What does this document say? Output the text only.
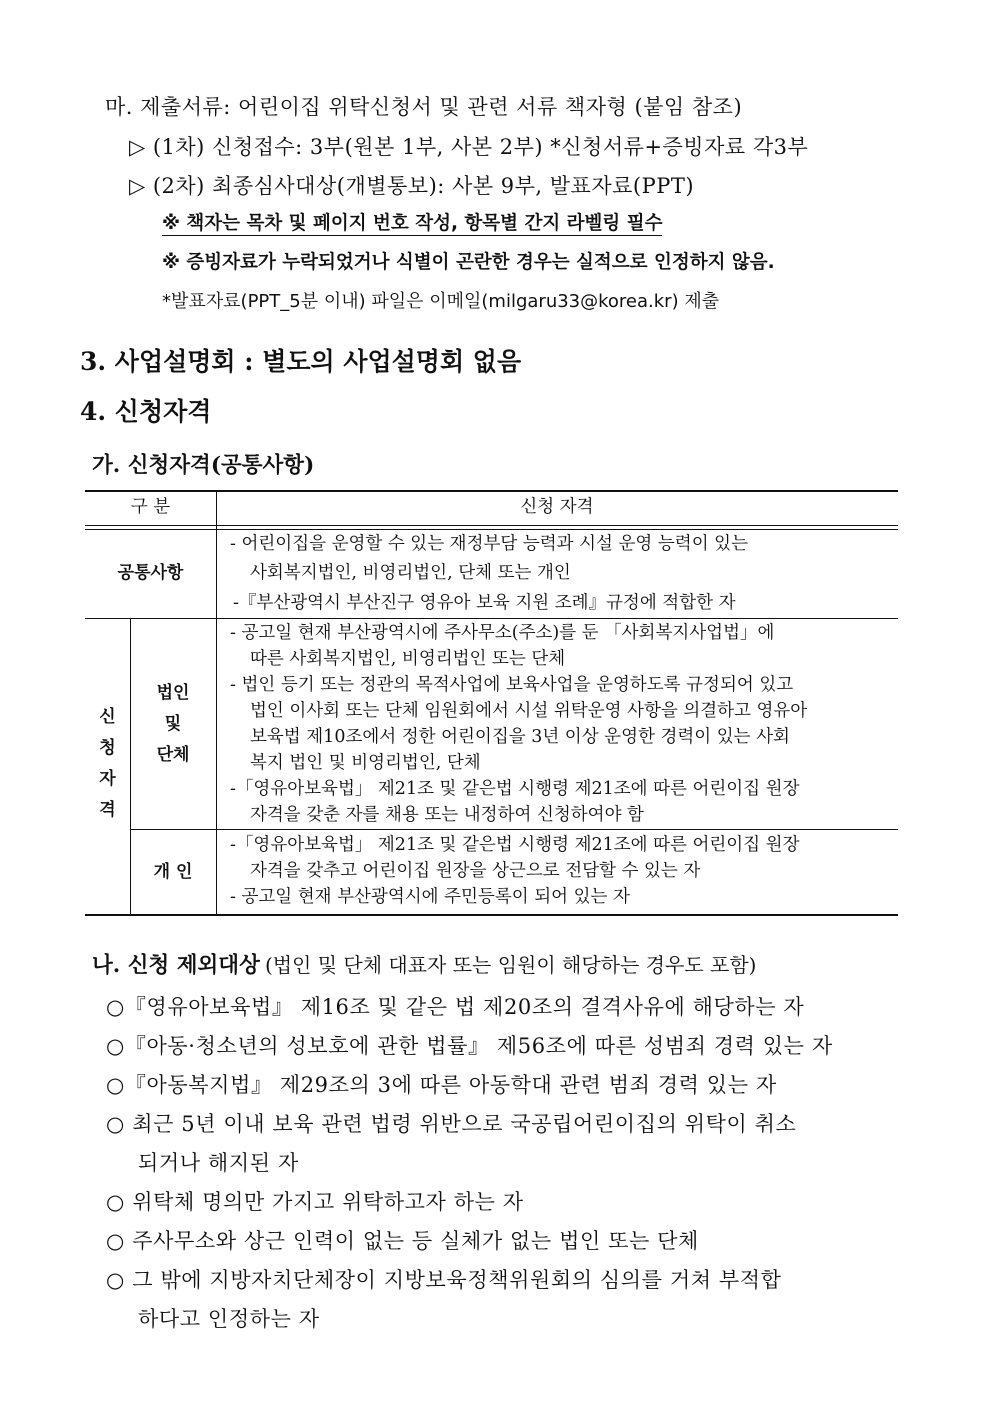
마. 제출서류: 어린이집 위탁신청서 및 관련 서류 책자형 (붙임 참조)
▷ (1차) 신청접수: 3부(원본 1부, 사본 2부) *신청서류+증빙자료 각3부
▷ (2차) 최종심사대상(개별통보): 사본 9부, 발표자료(PPT)
※ 책자는 목차 및 페이지 번호 작성, 항목별 간지 라벨링 필수
※ 증빙자료가 누락되었거나 식별이 곤란한 경우는 실적으로 인정하지 않음.
*발표자료(PPT_5분 이내) 파일은 이메일(milgaru33@korea.kr) 제출
3. 사업설명회 : 별도의 사업설명회 없음
4. 신청자격
가. 신청자격(공통사항)
구 분	신청 자격
공통사항
- 어린이집을 운영할 수 있는 재정부담 능력과 시설 운영 능력이 있는
사회복지법인, 비영리법인, 단체 또는 개인
-『부산광역시 부산진구 영유아 보육 지원 조례』규정에 적합한 자
신
청
자
격
법인
및
단체
- 공고일 현재 부산광역시에 주사무소(주소)를 둔 「사회복지사업법」에
따른 사회복지법인, 비영리법인 또는 단체
- 법인 등기 또는 정관의 목적사업에 보육사업을 운영하도록 규정되어 있고
법인 이사회 또는 단체 임원회에서 시설 위탁운영 사항을 의결하고 영유아
보육법 제10조에서 정한 어린이집을 3년 이상 운영한 경력이 있는 사회
복지 법인 및 비영리법인, 단체
-「영유아보육법」 제21조 및 같은법 시행령 제21조에 따른 어린이집 원장
자격을 갖춘 자를 채용 또는 내정하여 신청하여야 함
개 인
-「영유아보육법」 제21조 및 같은법 시행령 제21조에 따른 어린이집 원장
자격을 갖추고 어린이집 원장을 상근으로 전담할 수 있는 자
- 공고일 현재 부산광역시에 주민등록이 되어 있는 자
나. 신청 제외대상 (법인 및 단체 대표자 또는 임원이 해당하는 경우도 포함)
○『영유아보육법』 제16조 및 같은 법 제20조의 결격사유에 해당하는 자
○『아동·청소년의 성보호에 관한 법률』 제56조에 따른 성범죄 경력 있는 자
○『아동복지법』 제29조의 3에 따른 아동학대 관련 범죄 경력 있는 자
○ 최근 5년 이내 보육 관련 법령 위반으로 국공립어린이집의 위탁이 취소
되거나 해지된 자
○ 위탁체 명의만 가지고 위탁하고자 하는 자
○ 주사무소와 상근 인력이 없는 등 실체가 없는 법인 또는 단체
○ 그 밖에 지방자치단체장이 지방보육정책위원회의 심의를 거쳐 부적합
하다고 인정하는 자
